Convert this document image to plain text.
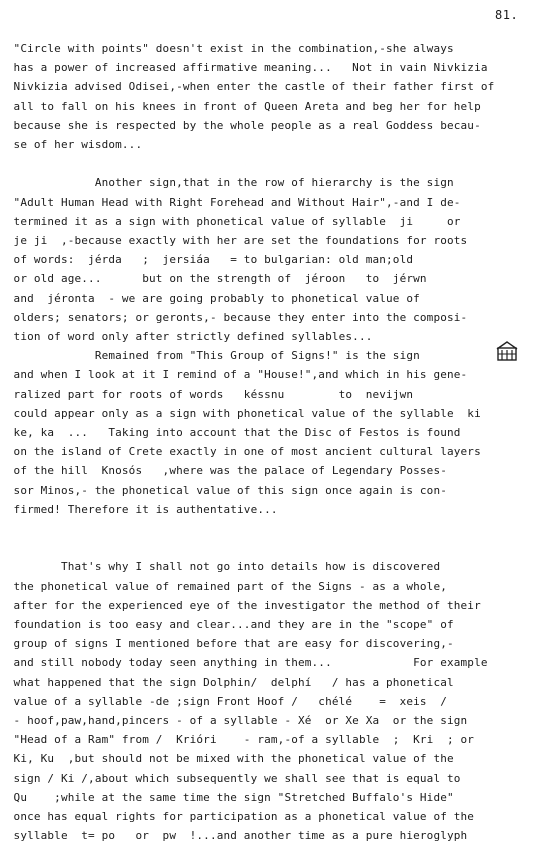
81.
"Circle with points" doesn't exist in the combination,-she always
has a power of increased affirmative meaning...   Not in vain Nivkizia
Nivkizia advised Odisei,-when enter the castle of their father first of
all to fall on his knees in front of Queen Areta and beg her for help
because she is respected by the whole people as a real Goddess becau-
se of her wisdom...
Another sign,that in the row of hierarchy is the sign
"Adult Human Head with Right Forehead and Without Hair",-and I de-
termined it as a sign with phonetical value of syllable  ji     or
je ji  ,-because exactly with her are set the foundations for roots
of words:  jérda   ;  jersiáa   = to bulgarian: old man;old
or old age...      but on the strength of  jéroon   to  jérwn
and  jéronta  - we are going probably to phonetical value of
olders; senators; or geronts,- because they enter into the composi-
tion of word only after strictly defined syllables...
Remained from "This Group of Signs!" is the sign
and when I look at it I remind of a "House!",and which in his gene-
ralized part for roots of words   késsnu        to  nevijwn
could appear only as a sign with phonetical value of the syllable  ki
ke, ka  ...   Taking into account that the Disc of Festos is found
on the island of Crete exactly in one of most ancient cultural layers
of the hill  Knosós   ,where was the palace of Legendary Posses-
sor Minos,- the phonetical value of this sign once again is con-
firmed! Therefore it is authentative...
That's why I shall not go into details how is discovered
the phonetical value of remained part of the Signs - as a whole,
after for the experienced eye of the investigator the method of their
foundation is too easy and clear...and they are in the "scope" of
group of signs I mentioned before that are easy for discovering,-
and still nobody today seen anything in them...            For example
what happened that the sign Dolphin/  delphí   / has a phonetical
value of a syllable -de ;sign Front Hoof /   chélé    =  xeis  /
- hoof,paw,hand,pincers - of a syllable - Xé  or Xe Xa  or the sign
"Head of a Ram" from /  Krióri    - ram,-of a syllable  ;  Kri  ; or
Ki, Ku  ,but should not be mixed with the phonetical value of the
sign / Ki /,about which subsequently we shall see that is equal to
Qu    ;while at the same time the sign "Stretched Buffalo's Hide"
once has equal rights for participation as a phonetical value of the
syllable  t= po   or  pw  !...and another time as a pure hieroglyph
